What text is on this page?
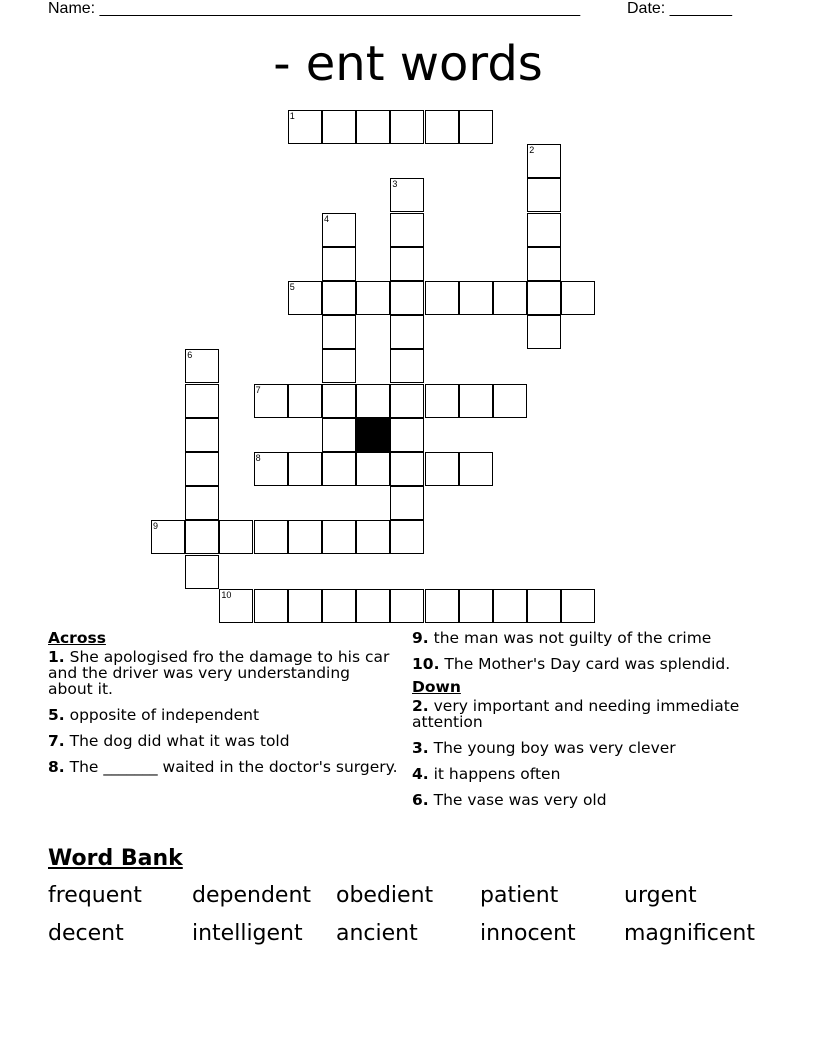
Name: ______________________________________________________	Date: _______
- ent words
1
2
3
4
5
6
7
8
9
10
Across
1. She apologised fro the damage to his car and the driver was very understanding about it.
5. opposite of independent
7. The dog did what it was told
8. The _______ waited in the doctor's surgery.
9. the man was not guilty of the crime
10. The Mother's Day card was splendid.
Down
2. very important and needing immediate attention
3. The young boy was very clever
4. it happens often
6. The vase was very old
Word Bank
frequent dependent obedient patient	urgent
decent	intelligent ancient	innocent magnificent
